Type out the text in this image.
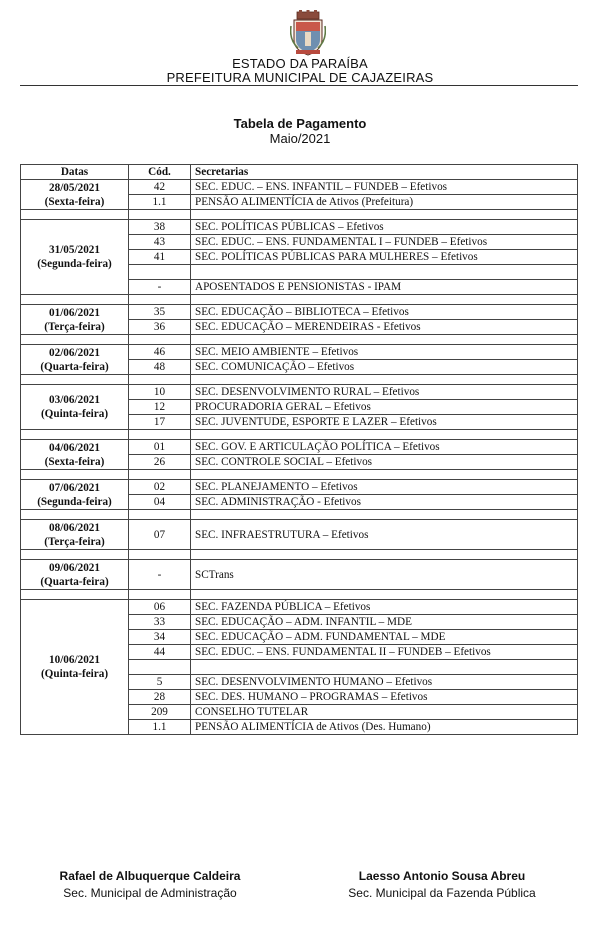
ESTADO DA PARAÍBA
PREFEITURA MUNICIPAL DE CAJAZEIRAS
Tabela de Pagamento
Maio/2021
Datas	Cód.	Secretarias

28/05/2021
(Sexta-feira)	42	SEC. EDUC. – ENS. INFANTIL – FUNDEB – Efetivos
	1.1	PENSÃO ALIMENTÍCIA de Ativos (Prefeitura)

31/05/2021
(Segunda-feira)	38	SEC. POLÍTICAS PÚBLICAS – Efetivos
	43	SEC. EDUC. – ENS. FUNDAMENTAL I – FUNDEB – Efetivos
	41	SEC. POLÍTICAS PÚBLICAS PARA MULHERES – Efetivos

	-	APOSENTADOS E PENSIONISTAS - IPAM

01/06/2021
(Terça-feira)	35	SEC. EDUCAÇÃO – BIBLIOTECA – Efetivos
	36	SEC. EDUCAÇÃO – MERENDEIRAS - Efetivos

02/06/2021
(Quarta-feira)	46	SEC. MEIO AMBIENTE – Efetivos
	48	SEC. COMUNICAÇÃO – Efetivos

03/06/2021
(Quinta-feira)	10	SEC. DESENVOLVIMENTO RURAL – Efetivos
	12	PROCURADORIA GERAL – Efetivos
	17	SEC. JUVENTUDE, ESPORTE E LAZER – Efetivos

04/06/2021
(Sexta-feira)	01	SEC. GOV. E ARTICULAÇÃO POLÍTICA – Efetivos
	26	SEC. CONTROLE SOCIAL – Efetivos

07/06/2021
(Segunda-feira)	02	SEC. PLANEJAMENTO – Efetivos
	04	SEC. ADMINISTRAÇÃO - Efetivos

08/06/2021
(Terça-feira)	07	SEC. INFRAESTRUTURA – Efetivos

09/06/2021
(Quarta-feira)	-	SCTrans

10/06/2021
(Quinta-feira)	06	SEC. FAZENDA PÚBLICA – Efetivos
	33	SEC. EDUCAÇÃO – ADM. INFANTIL – MDE
	34	SEC. EDUCAÇÃO – ADM. FUNDAMENTAL – MDE
	44	SEC. EDUC. – ENS. FUNDAMENTAL II – FUNDEB – Efetivos

	5	SEC. DESENVOLVIMENTO HUMANO – Efetivos
	28	SEC. DES. HUMANO – PROGRAMAS – Efetivos
	209	CONSELHO TUTELAR
	1.1	PENSÃO ALIMENTÍCIA de Ativos (Des. Humano)
Rafael de Albuquerque Caldeira
Sec. Municipal de Administração
Laesso Antonio Sousa Abreu
Sec. Municipal da Fazenda Pública
